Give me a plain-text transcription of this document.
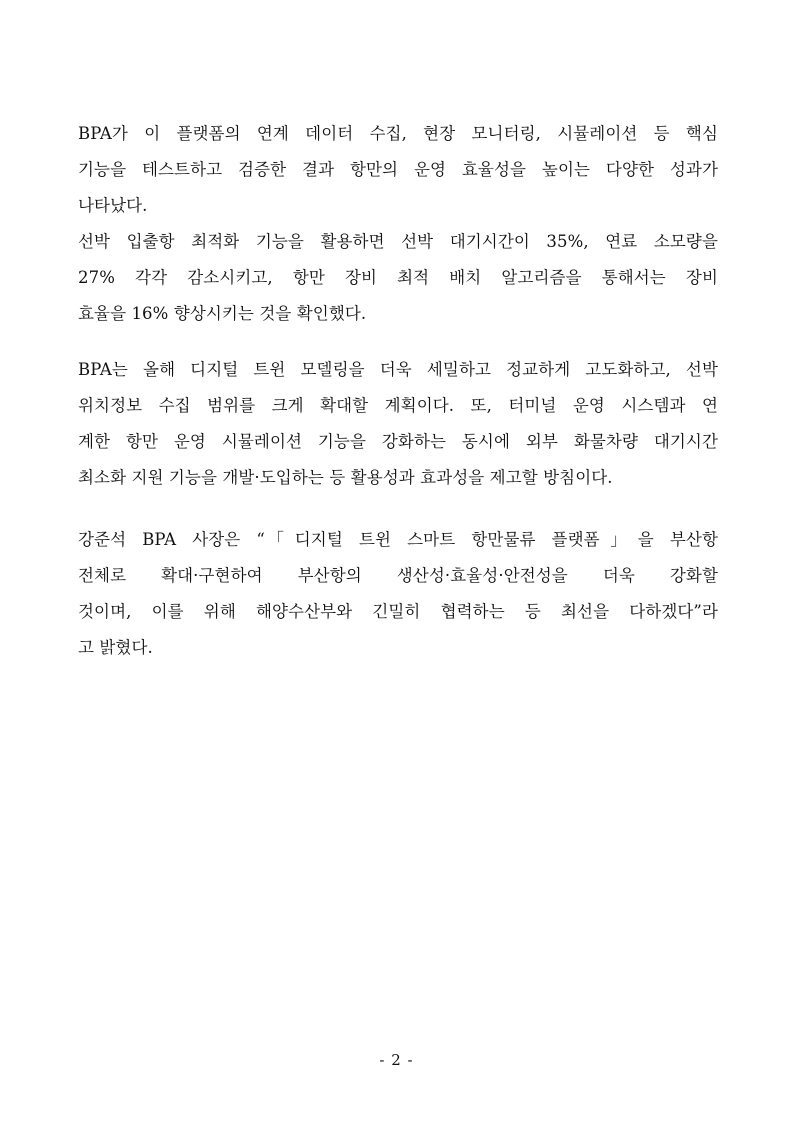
BPA가 이 플랫폼의 연계 데이터 수집, 현장 모니터링, 시뮬레이션 등 핵심
기능을 테스트하고 검증한 결과 항만의 운영 효율성을 높이는 다양한 성과가
나타났다.
선박 입출항 최적화 기능을 활용하면 선박 대기시간이 35%, 연료 소모량을
27% 각각 감소시키고, 항만 장비 최적 배치 알고리즘을 통해서는 장비
효율을 16% 향상시키는 것을 확인했다.
BPA는 올해 디지털 트윈 모델링을 더욱 세밀하고 정교하게 고도화하고, 선박
위치정보 수집 범위를 크게 확대할 계획이다. 또, 터미널 운영 시스템과 연
계한 항만 운영 시뮬레이션 기능을 강화하는 동시에 외부 화물차량 대기시간
최소화 지원 기능을 개발·도입하는 등 활용성과 효과성을 제고할 방침이다.
강준석 BPA 사장은 “「디지털 트윈 스마트 항만물류 플랫폼」을 부산항
전체로 확대·구현하여 부산항의 생산성·효율성·안전성을 더욱 강화할
것이며, 이를 위해 해양수산부와 긴밀히 협력하는 등 최선을 다하겠다”라
고 밝혔다.
- 2 -
